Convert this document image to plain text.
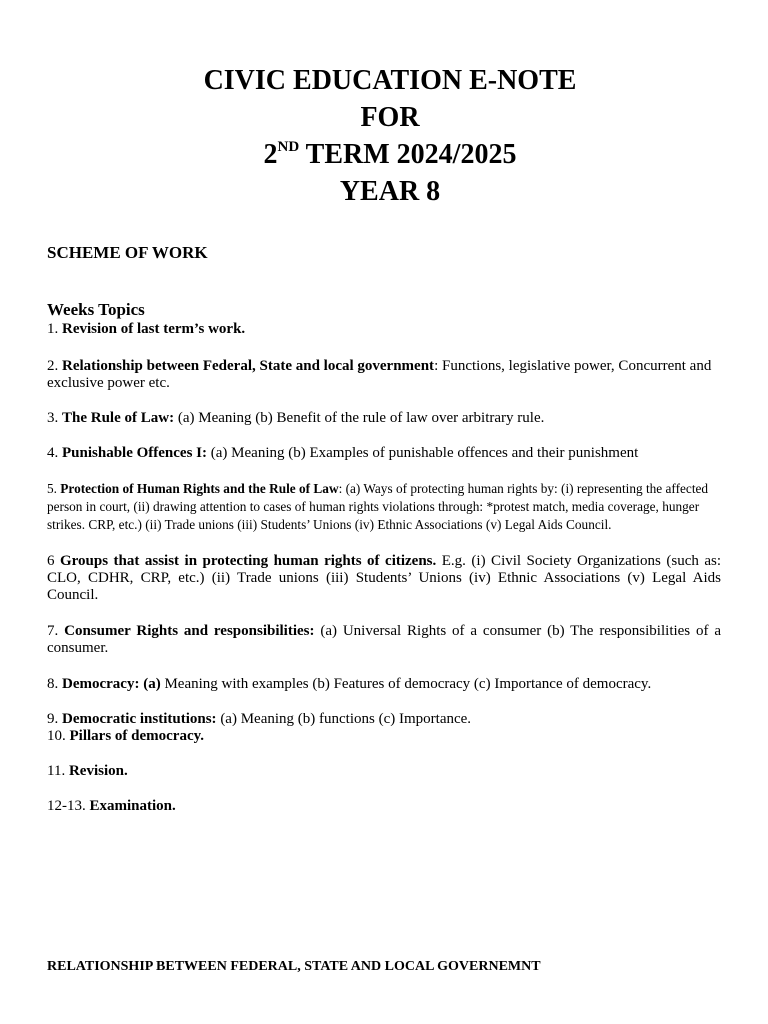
CIVIC EDUCATION E-NOTE
FOR
2ND TERM 2024/2025
YEAR 8
SCHEME OF WORK
Weeks Topics
1. Revision of last term’s work.
2. Relationship between Federal, State and local government: Functions, legislative power, Concurrent and exclusive power etc.
3. The Rule of Law: (a) Meaning (b) Benefit of the rule of law over arbitrary rule.
4. Punishable Offences I: (a) Meaning (b) Examples of punishable offences and their punishment
5. Protection of Human Rights and the Rule of Law: (a) Ways of protecting human rights by: (i) representing the affected person in court, (ii) drawing attention to cases of human rights violations through: *protest match, media coverage, hunger strikes. CRP, etc.) (ii) Trade unions (iii) Students’ Unions (iv) Ethnic Associations (v) Legal Aids Council.
6 Groups that assist in protecting human rights of citizens. E.g. (i) Civil Society Organizations (such as: CLO, CDHR, CRP, etc.) (ii) Trade unions (iii) Students’ Unions (iv) Ethnic Associations (v) Legal Aids Council.
7. Consumer Rights and responsibilities: (a) Universal Rights of a consumer (b) The responsibilities of a consumer.
8. Democracy: (a) Meaning with examples (b) Features of democracy (c) Importance of democracy.
9. Democratic institutions: (a) Meaning (b) functions (c) Importance.
10. Pillars of democracy.
11. Revision.
12-13. Examination.
RELATIONSHIP BETWEEN FEDERAL, STATE AND LOCAL GOVERNEMNT
